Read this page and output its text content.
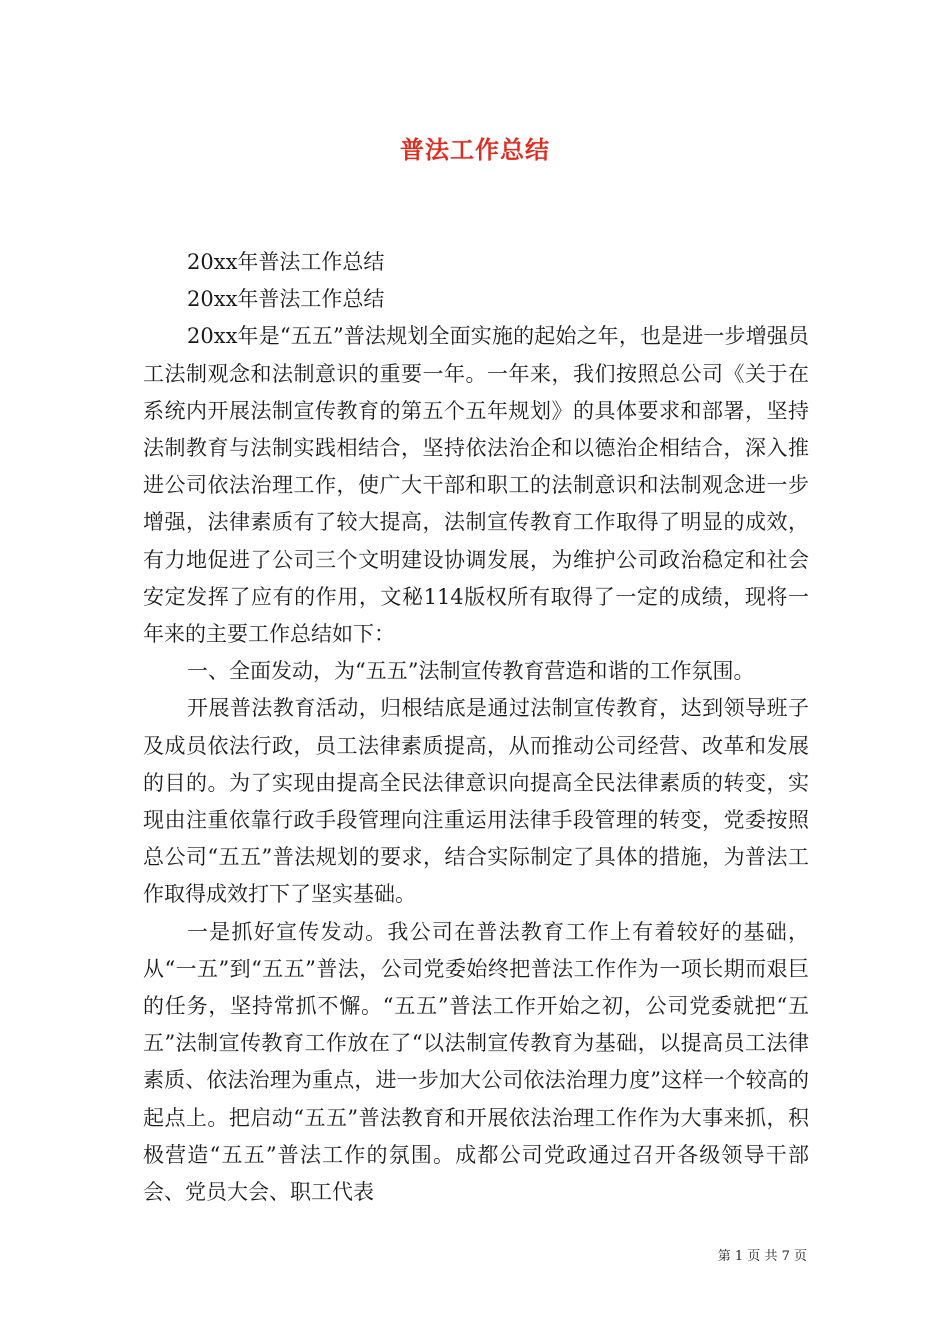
普法工作总结

20xx年普法工作总结

20xx年普法工作总结

20xx年是“五五”普法规划全面实施的起始之年，也是进一步增强员工法制观念和法制意识的重要一年。一年来，我们按照总公司《关于在系统内开展法制宣传教育的第五个五年规划》的具体要求和部署，坚持法制教育与法制实践相结合，坚持依法治企和以德治企相结合，深入推进公司依法治理工作，使广大干部和职工的法制意识和法制观念进一步增强，法律素质有了较大提高，法制宣传教育工作取得了明显的成效，有力地促进了公司三个文明建设协调发展，为维护公司政治稳定和社会安定发挥了应有的作用，文秘114版权所有取得了一定的成绩，现将一年来的主要工作总结如下：

一、全面发动，为“五五”法制宣传教育营造和谐的工作氛围。

开展普法教育活动，归根结底是通过法制宣传教育，达到领导班子及成员依法行政，员工法律素质提高，从而推动公司经营、改革和发展的目的。为了实现由提高全民法律意识向提高全民法律素质的转变，实现由注重依靠行政手段管理向注重运用法律手段管理的转变，党委按照总公司“五五”普法规划的要求，结合实际制定了具体的措施，为普法工作取得成效打下了坚实基础。

一是抓好宣传发动。我公司在普法教育工作上有着较好的基础，从“一五”到“五五”普法，公司党委始终把普法工作作为一项长期而艰巨的任务，坚持常抓不懈。“五五”普法工作开始之初，公司党委就把“五五”法制宣传教育工作放在了“以法制宣传教育为基础，以提高员工法律素质、依法治理为重点，进一步加大公司依法治理力度”这样一个较高的起点上。把启动“五五”普法教育和开展依法治理工作作为大事来抓，积极营造“五五”普法工作的氛围。成都公司党政通过召开各级领导干部会、党员大会、职工代表

第 1 页 共 7 页
